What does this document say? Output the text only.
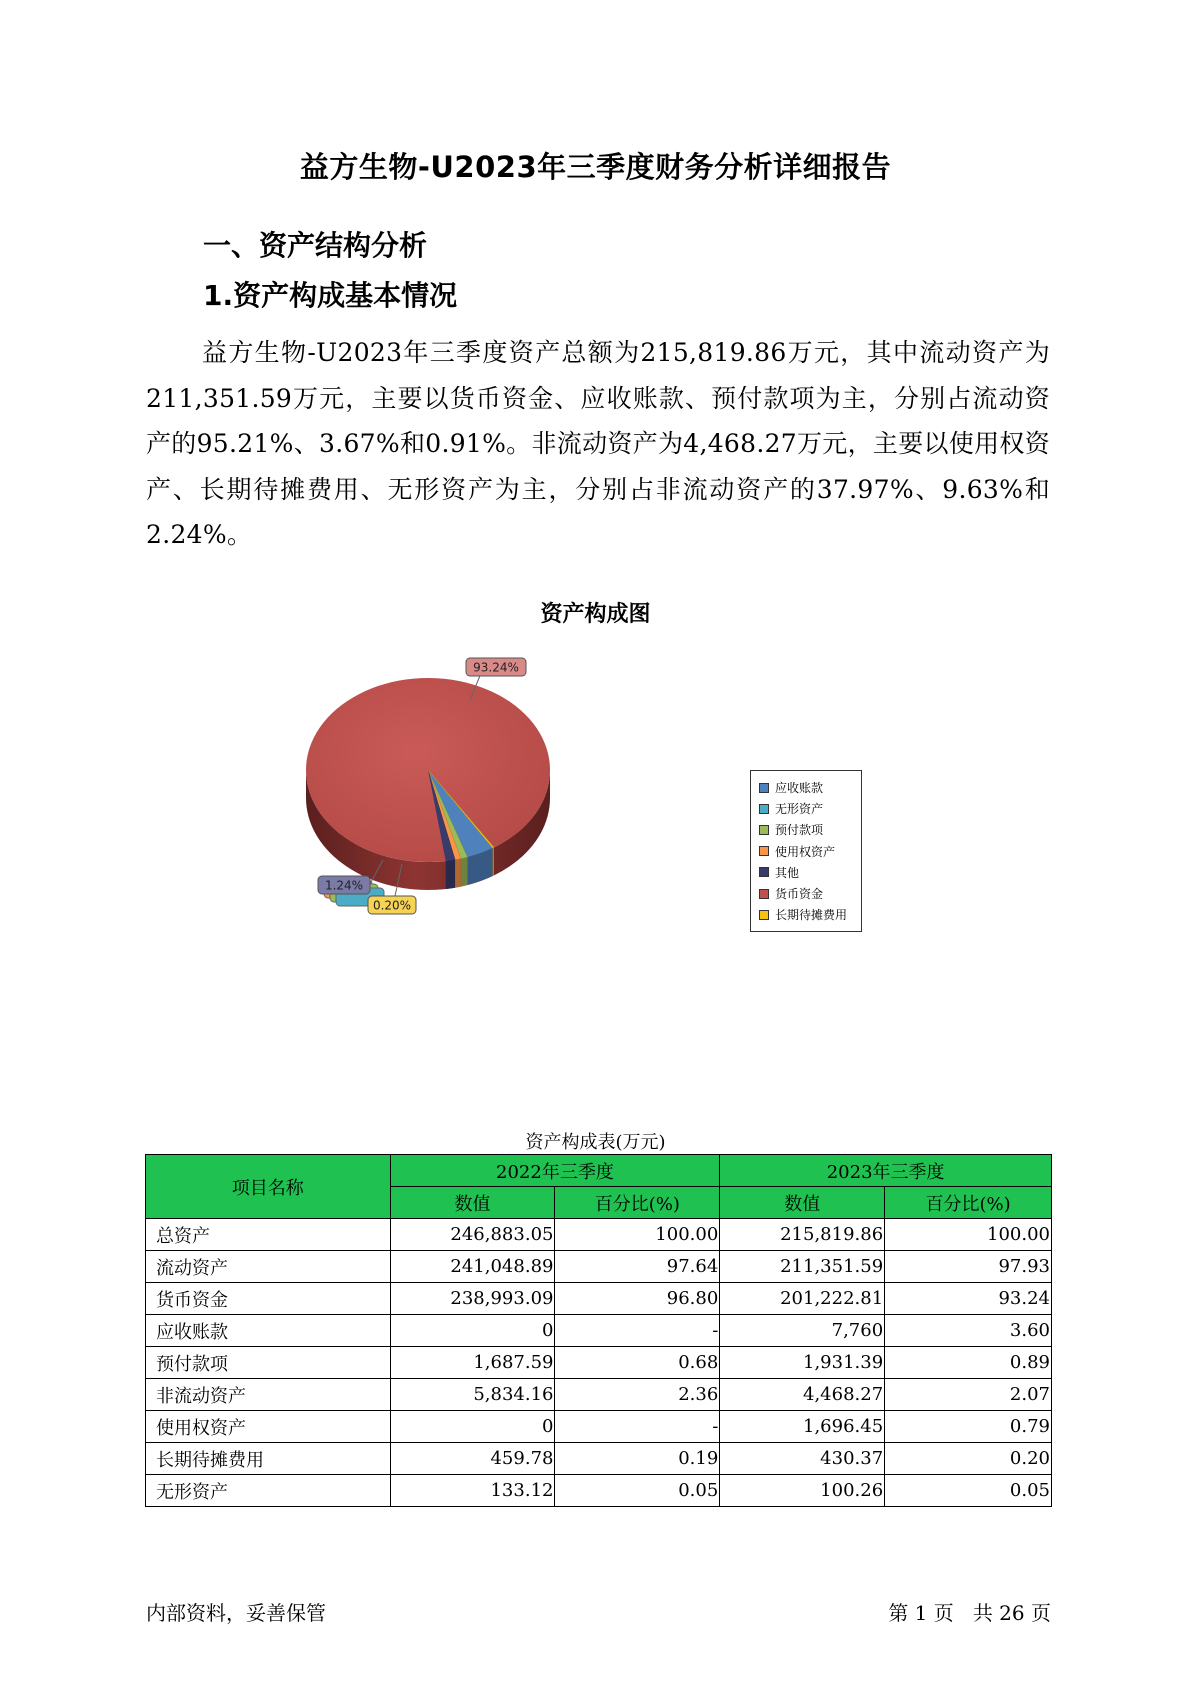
益方生物-U2023年三季度财务分析详细报告
一、资产结构分析
1.资产构成基本情况
益方生物-U2023年三季度资产总额为215,819.86万元，其中流动资产为211,351.59万元，主要以货币资金、应收账款、预付款项为主，分别占流动资产的95.21%、3.67%和0.91%。非流动资产为4,468.27万元，主要以使用权资产、长期待摊费用、无形资产为主，分别占非流动资产的37.97%、9.63%和2.24%。
资产构成图
93.24%
1.24%
0.20%
应收账款
无形资产
预付款项
使用权资产
其他
货币资金
长期待摊费用
资产构成表(万元)
项目名称	2022年三季度		2023年三季度	
	数值	百分比(%)	数值	百分比(%)
总资产	246,883.05	100.00	215,819.86	100.00
流动资产	241,048.89	97.64	211,351.59	97.93
货币资金	238,993.09	96.80	201,222.81	93.24
应收账款	0	-	7,760	3.60
预付款项	1,687.59	0.68	1,931.39	0.89
非流动资产	5,834.16	2.36	4,468.27	2.07
使用权资产	0	-	1,696.45	0.79
长期待摊费用	459.78	0.19	430.37	0.20
无形资产	133.12	0.05	100.26	0.05
内部资料，妥善保管	第 1 页   共 26 页
